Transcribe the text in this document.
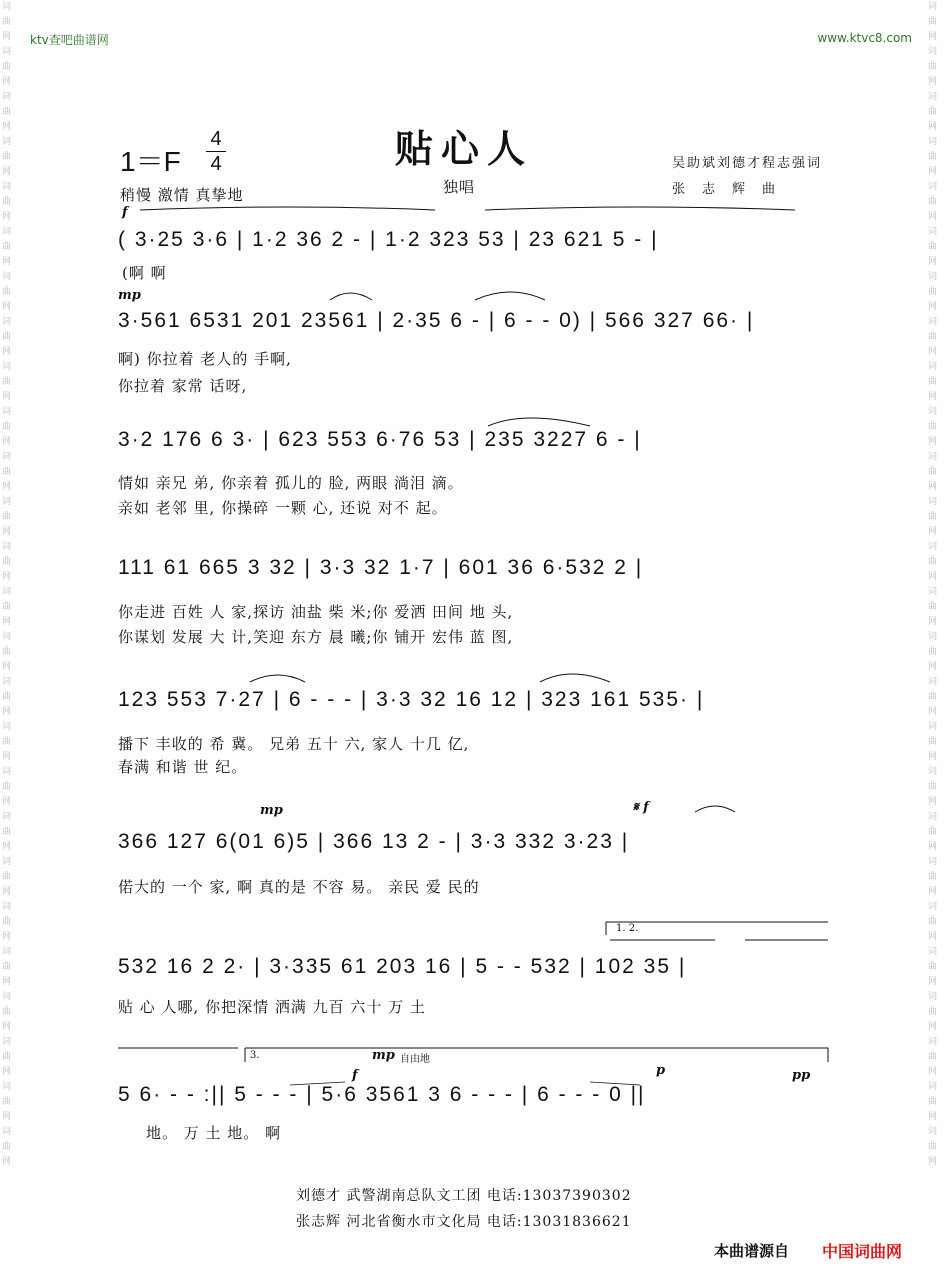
词曲网词曲网词曲网词曲网词曲网词曲网词曲网词曲网词曲网词曲网词曲网词曲网词曲网词曲网词曲网词曲网词曲网词曲网词曲网词曲网词曲网词曲网词曲网词曲网词曲网词曲网
词曲网词曲网词曲网词曲网词曲网词曲网词曲网词曲网词曲网词曲网词曲网词曲网词曲网词曲网词曲网词曲网词曲网词曲网词曲网词曲网词曲网词曲网词曲网词曲网词曲网词曲网
ktv查吧曲谱网	www.ktvc8.com
1＝F
4
4	贴心人	吴助斌刘德才程志强词
张　志　辉　曲
稍慢 激情 真挚地	独唱
f
( 3·25 3·6 | 1·2 36 2 - | 1·2 323 53 | 23 621 5 - |
(啊 啊
mp
3·561 6531 201 23561 | 2·35 6 - | 6 - - 0) | 566 327 66· |
啊) 你拉着 老人的 手啊,
你拉着 家常 话呀,
3·2 176 6 3· | 623 553 6·76 53 | 235 3227 6 - |
情如 亲兄 弟, 你亲着 孤儿的 脸, 两眼 淌泪 滴。
亲如 老邻 里, 你操碎 一颗 心, 还说 对不 起。
111 61 665 3 32 | 3·3 32 1·7 | 601 36 6·532 2 |
你走进 百姓 人 家,探访 油盐 柴 米;你 爱洒 田间 地 头,
你谋划 发展 大 计,笑迎 东方 晨 曦;你 铺开 宏伟 蓝 图,
123 553 7·27 | 6 - - - | 3·3 32 16 12 | 323 161 535· |
播下 丰收的 希 冀。 兄弟 五十 六, 家人 十几 亿,
春满 和谐 世 纪。
mp	𝄋 f
366 127 6(01 6)5 | 366 13 2 - | 3·3 332 3·23 |
偌大的 一个 家, 啊 真的是 不容 易。 亲民 爱 民的
1. 2.
532 16 2 2· | 3·335 61 203 16 | 5 - - 532 | 102 35 |
贴 心 人哪, 你把深情 洒满 九百 六十 万 土
3.
f
mp 自由地
p	pp
5 6· - - :|| 5 - - - | 5·6 3561 3 6 - - - | 6 - - - 0 ||
地。 万 土 地。 啊
刘德才 武警湖南总队文工团 电话:13037390302
张志辉 河北省衡水市文化局 电话:13031836621
本曲谱源自 中国词曲网
